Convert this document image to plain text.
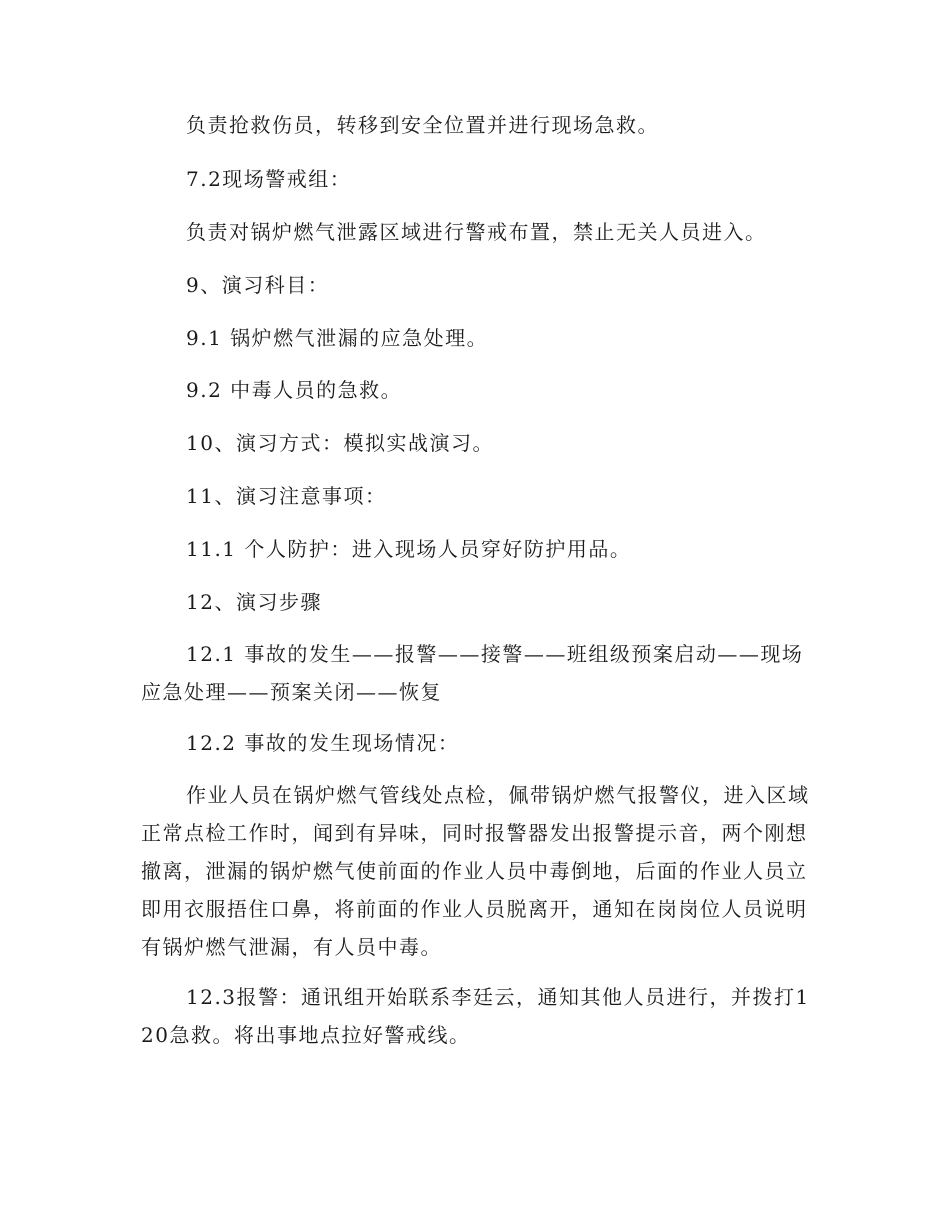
负责抢救伤员，转移到安全位置并进行现场急救。

7.2现场警戒组：

负责对锅炉燃气泄露区域进行警戒布置，禁止无关人员进入。

9、演习科目：

9.1 锅炉燃气泄漏的应急处理。

9.2 中毒人员的急救。

10、演习方式：模拟实战演习。

11、演习注意事项：

11.1 个人防护：进入现场人员穿好防护用品。

12、演习步骤

12.1 事故的发生——报警——接警——班组级预案启动——现场应急处理——预案关闭——恢复

12.2 事故的发生现场情况：

作业人员在锅炉燃气管线处点检，佩带锅炉燃气报警仪，进入区域正常点检工作时，闻到有异味，同时报警器发出报警提示音，两个刚想撤离，泄漏的锅炉燃气使前面的作业人员中毒倒地，后面的作业人员立即用衣服捂住口鼻，将前面的作业人员脱离开，通知在岗岗位人员说明有锅炉燃气泄漏，有人员中毒。

12.3报警：通讯组开始联系李廷云，通知其他人员进行，并拨打120急救。将出事地点拉好警戒线。
